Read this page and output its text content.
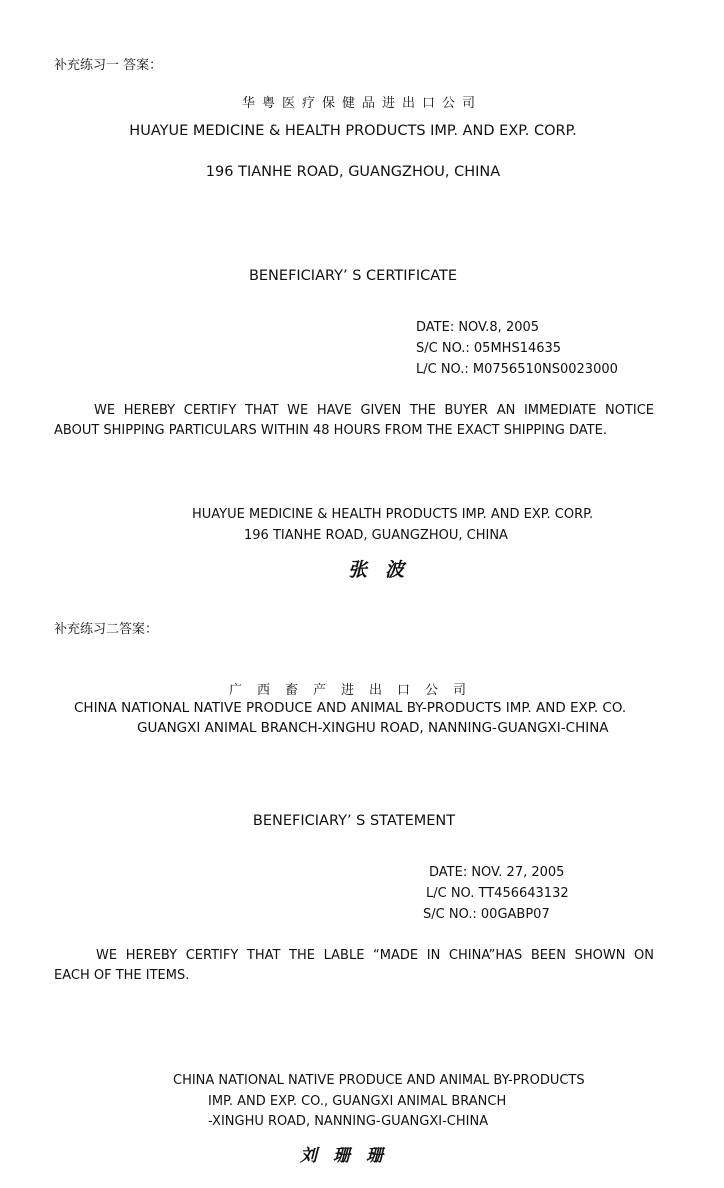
补充练习一 答案：
华粤医疗保健品进出口公司
HUAYUE MEDICINE & HEALTH PRODUCTS IMP. AND EXP. CORP.
196 TIANHE ROAD, GUANGZHOU, CHINA
BENEFICIARY’ S CERTIFICATE
DATE: NOV.8, 2005
S/C NO.: 05MHS14635
L/C NO.: M0756510NS0023000
WE HEREBY CERTIFY THAT WE HAVE GIVEN THE BUYER AN IMMEDIATE NOTICE
ABOUT SHIPPING PARTICULARS WITHIN 48 HOURS FROM THE EXACT SHIPPING DATE.
HUAYUE MEDICINE & HEALTH PRODUCTS IMP. AND EXP. CORP.
196 TIANHE ROAD, GUANGZHOU, CHINA
张波
补充练习二答案：
广西畜产进出口公司
CHINA NATIONAL NATIVE PRODUCE AND ANIMAL BY-PRODUCTS IMP. AND EXP. CO.
GUANGXI ANIMAL BRANCH-XINGHU ROAD, NANNING-GUANGXI-CHINA
BENEFICIARY’ S STATEMENT
DATE: NOV. 27, 2005
L/C NO. TT456643132
S/C NO.: 00GABP07
WE HEREBY CERTIFY THAT THE LABLE “MADE IN CHINA”HAS BEEN SHOWN ON
EACH OF THE ITEMS.
CHINA NATIONAL NATIVE PRODUCE AND ANIMAL BY-PRODUCTS
IMP. AND EXP. CO., GUANGXI ANIMAL BRANCH
-XINGHU ROAD, NANNING-GUANGXI-CHINA
刘珊珊
